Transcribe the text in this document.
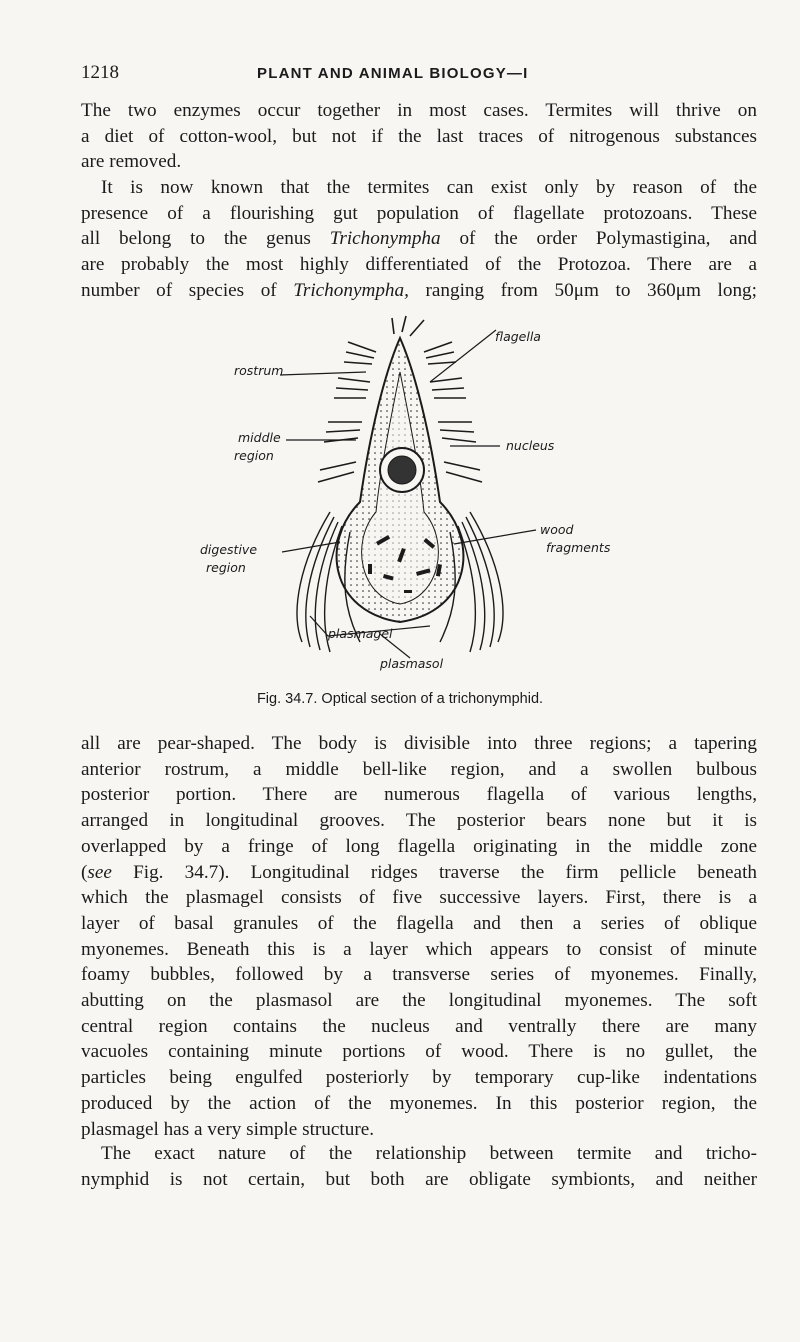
1218	PLANT AND ANIMAL BIOLOGY—I

The two enzymes occur together in most cases. Termites will thrive on
a diet of cotton-wool, but not if the last traces of nitrogenous substances
are removed.

It is now known that the termites can exist only by reason of the
presence of a flourishing gut population of flagellate protozoans. These
all belong to the genus Trichonympha of the order Polymastigina, and
are probably the most highly differentiated of the Protozoa. There are a
number of species of Trichonympha, ranging from 50μm to 360μm long;

flagella
rostrum
middle
region
nucleus
wood
fragments
digestive
region
plasmagel
plasmasol
Fig. 34.7. Optical section of a trichonymphid.

all are pear-shaped. The body is divisible into three regions; a tapering
anterior rostrum, a middle bell-like region, and a swollen bulbous
posterior portion. There are numerous flagella of various lengths,
arranged in longitudinal grooves. The posterior bears none but it is
overlapped by a fringe of long flagella originating in the middle zone
(see Fig. 34.7). Longitudinal ridges traverse the firm pellicle beneath
which the plasmagel consists of five successive layers. First, there is a
layer of basal granules of the flagella and then a series of oblique
myonemes. Beneath this is a layer which appears to consist of minute
foamy bubbles, followed by a transverse series of myonemes. Finally,
abutting on the plasmasol are the longitudinal myonemes. The soft
central region contains the nucleus and ventrally there are many
vacuoles containing minute portions of wood. There is no gullet, the
particles being engulfed posteriorly by temporary cup-like indentations
produced by the action of the myonemes. In this posterior region, the
plasmagel has a very simple structure.

The exact nature of the relationship between termite and tricho-
nymphid is not certain, but both are obligate symbionts, and neither
